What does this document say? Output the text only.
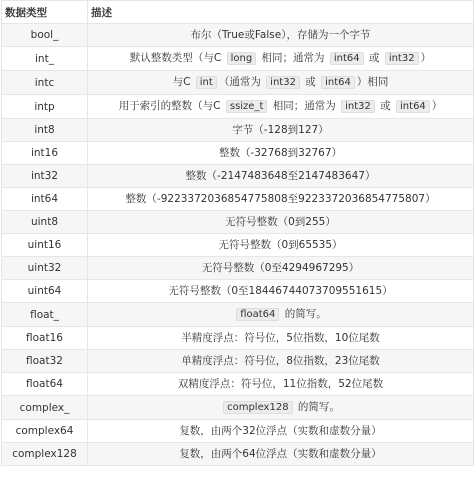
数据类型	描述
bool_	布尔（True或False），存储为一个字节
int_	默认整数类型（与C long 相同；通常为 int64 或 int32 ）
intc	与C int （通常为 int32 或 int64 ）相同
intp	用于索引的整数（与C ssize_t 相同；通常为 int32 或 int64 ）
int8	字节（-128到127）
int16	整数（-32768到32767）
int32	整数（-2147483648至2147483647）
int64	整数（-9223372036854775808至9223372036854775807）
uint8	无符号整数（0到255）
uint16	无符号整数（0到65535）
uint32	无符号整数（0至4294967295）
uint64	无符号整数（0至18446744073709551615）
float_	float64 的简写。
float16	半精度浮点：符号位，5位指数，10位尾数
float32	单精度浮点：符号位，8位指数，23位尾数
float64	双精度浮点：符号位，11位指数，52位尾数
complex_	complex128 的简写。
complex64	复数，由两个32位浮点（实数和虚数分量）
complex128	复数，由两个64位浮点（实数和虚数分量）
